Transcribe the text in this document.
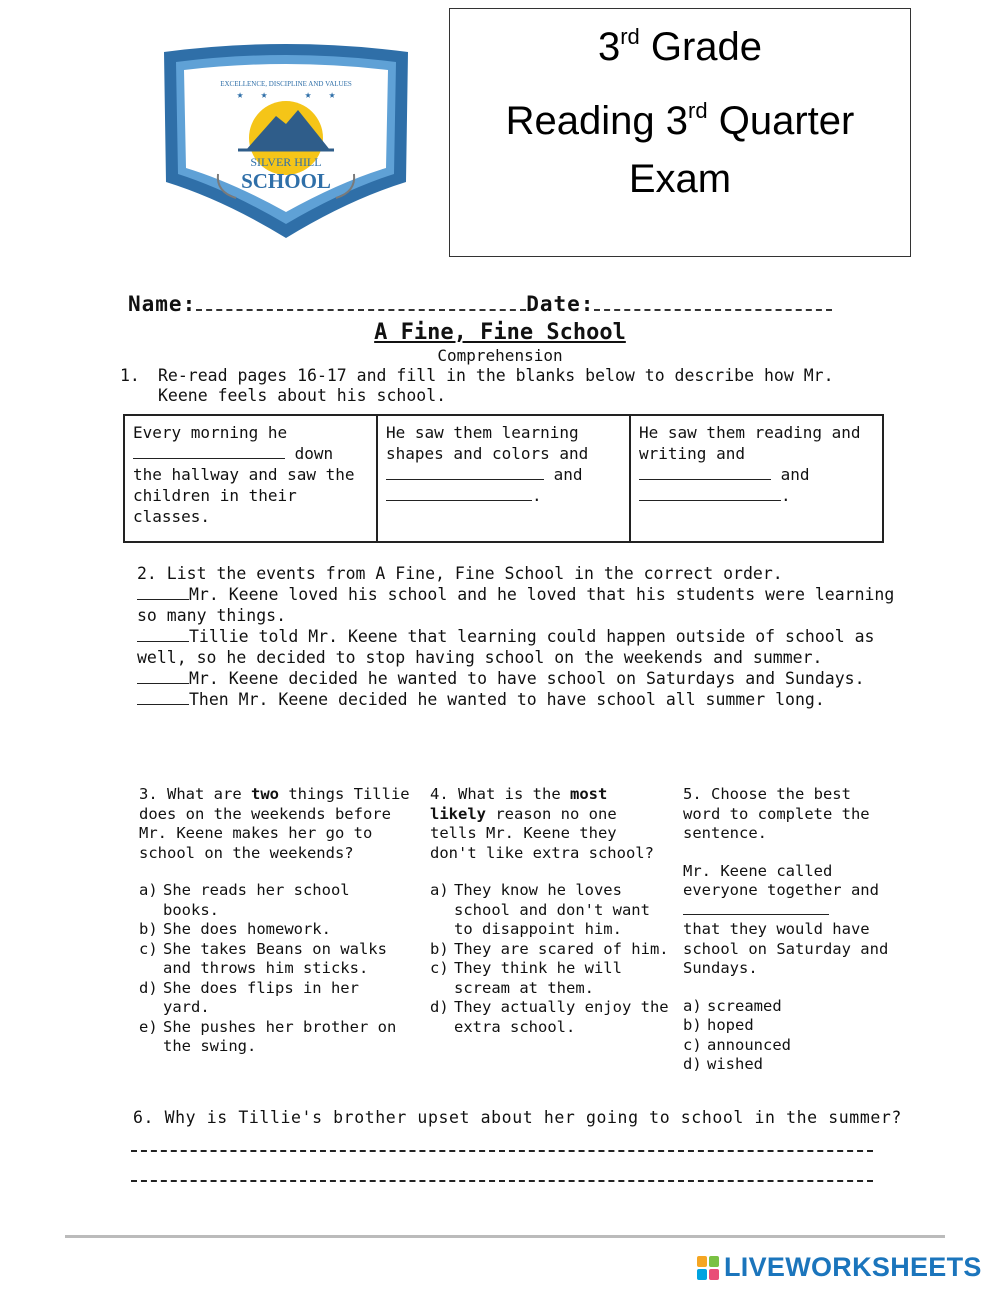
EXCELLENCE, DISCIPLINE AND VALUES
★ ★	★ ★
SILVER HILL
SCHOOL
3rd Grade
Reading 3rd Quarter
Exam
Name:	Date:
A Fine, Fine School
Comprehension
1. Re-read pages 16-17 and fill in the blanks below to describe how Mr. Keene feels about his school.
Every morning he
down the hallway and saw the children in their classes.
He saw them learning shapes and colors and
and
.
He saw them reading and writing and
and
.
2. List the events from A Fine, Fine School in the correct order.
Mr. Keene loved his school and he loved that his students were learning so many things.
Tillie told Mr. Keene that learning could happen outside of school as well, so he decided to stop having school on the weekends and summer.
Mr. Keene decided he wanted to have school on Saturdays and Sundays.
Then Mr. Keene decided he wanted to have school all summer long.
3. What are two things Tillie does on the weekends before Mr. Keene makes her go to school on the weekends?
a) She reads her school books.
b) She does homework.
c) She takes Beans on walks and throws him sticks.
d) She does flips in her yard.
e) She pushes her brother on the swing.
4. What is the most likely reason no one tells Mr. Keene they don't like extra school?
a) They know he loves school and don't want to disappoint him.
b) They are scared of him.
c) They think he will scream at them.
d) They actually enjoy the extra school.
5. Choose the best word to complete the sentence.
Mr. Keene called everyone together and

that they would have school on Saturday and Sundays.
a) screamed
b) hoped
c) announced
d) wished
6. Why is Tillie's brother upset about her going to school in the summer?
LIVEWORKSHEETS
